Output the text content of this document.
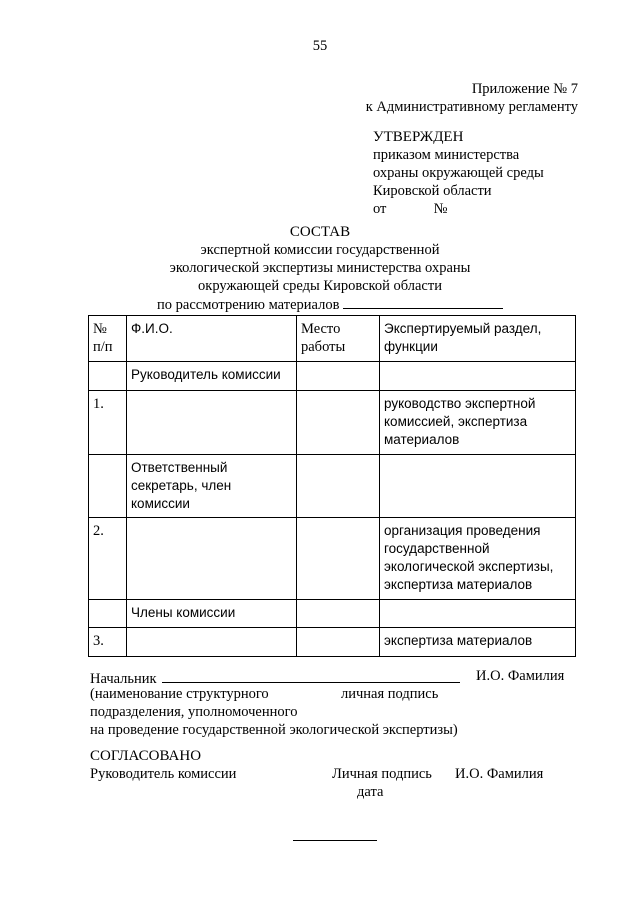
55
Приложение № 7
к Административному регламенту
УТВЕРЖДЕН
приказом министерства
охраны окружающей среды
Кировской области
от	№
СОСТАВ
экспертной комиссии государственной
экологической экспертизы министерства охраны
окружающей среды Кировской области
по рассмотрению материалов
№ п/п	Ф.И.О.	Место работы	Экспертируемый раздел, функции
	Руководитель комиссии		
1.			руководство экспертной комиссией, экспертиза материалов
	Ответственный секретарь, член комиссии		
2.			организация проведения государственной экологической экспертизы, экспертиза материалов
	Члены комиссии		
3.			экспертиза материалов
Начальник	И.О. Фамилия
(наименование структурного	личная подпись
подразделения, уполномоченного
на проведение государственной экологической экспертизы)
СОГЛАСОВАНО
Руководитель комиссии	Личная подпись И.О. Фамилия
дата
